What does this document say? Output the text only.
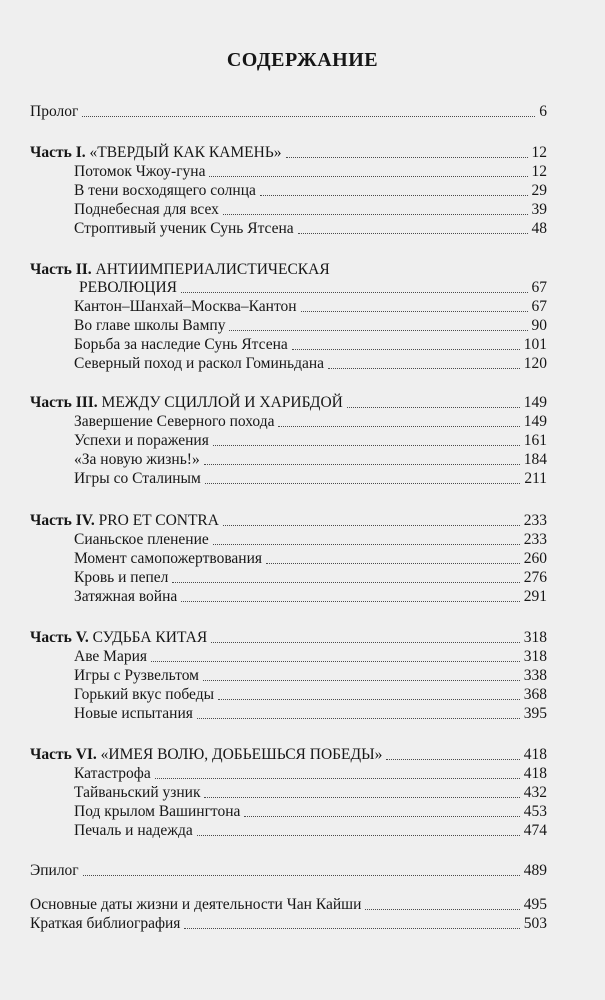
СОДЕРЖАНИЕ
Пролог	6
Часть I. «ТВЕРДЫЙ КАК КАМЕНЬ»	12
Потомок Чжоу-гуна	12
В тени восходящего солнца	29
Поднебесная для всех	39
Строптивый ученик Сунь Ятсена	48
Часть II. АНТИИМПЕРИАЛИСТИЧЕСКАЯ
РЕВОЛЮЦИЯ	67
Кантон–Шанхай–Москва–Кантон	67
Во главе школы Вампу	90
Борьба за наследие Сунь Ятсена	101
Северный поход и раскол Гоминьдана	120
Часть III. МЕЖДУ СЦИЛЛОЙ И ХАРИБДОЙ	149
Завершение Северного похода	149
Успехи и поражения	161
«За новую жизнь!»	184
Игры со Сталиным	211
Часть IV. PRO ET CONTRA	233
Сианьское пленение	233
Момент самопожертвования	260
Кровь и пепел	276
Затяжная война	291
Часть V. СУДЬБА КИТАЯ	318
Аве Мария	318
Игры с Рузвельтом	338
Горький вкус победы	368
Новые испытания	395
Часть VI. «ИМЕЯ ВОЛЮ, ДОБЬЕШЬСЯ ПОБЕДЫ»	418
Катастрофа	418
Тайваньский узник	432
Под крылом Вашингтона	453
Печаль и надежда	474
Эпилог	489
Основные даты жизни и деятельности Чан Кайши	495
Краткая библиография	503
